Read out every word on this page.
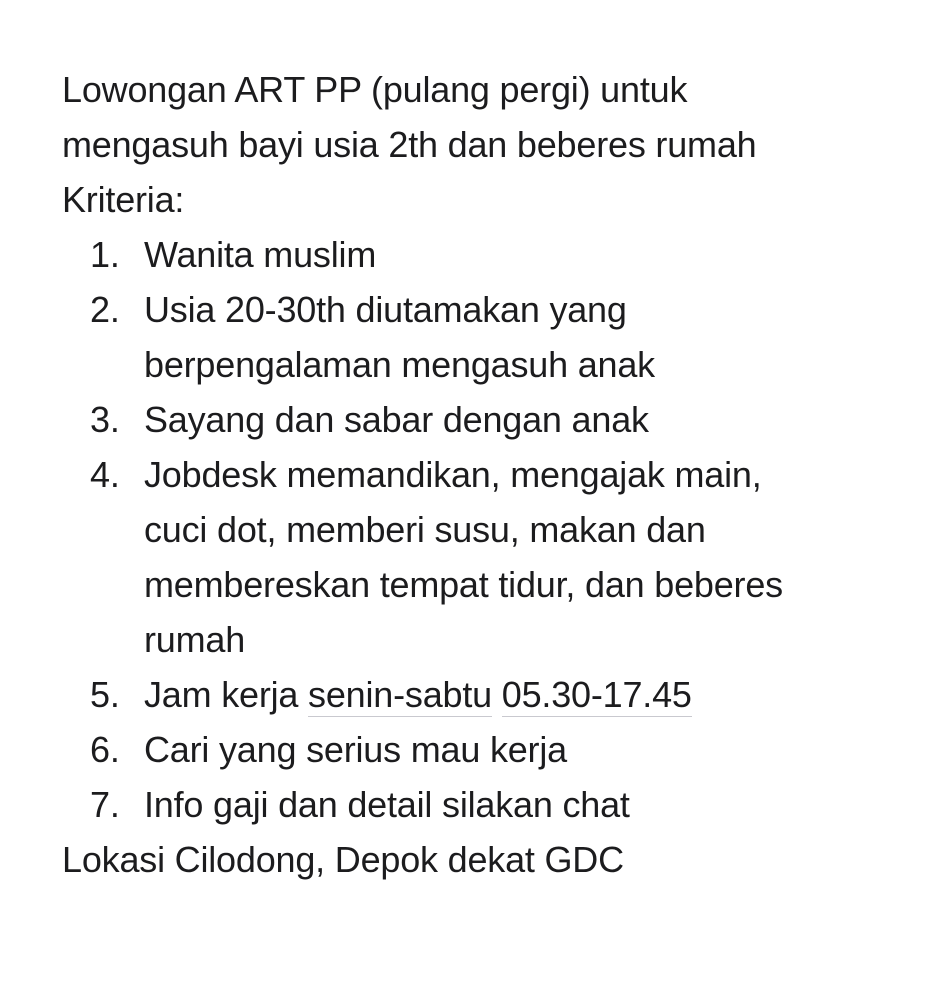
Lowongan ART PP (pulang pergi) untuk
mengasuh bayi usia 2th dan beberes rumah
Kriteria:
1. Wanita muslim
2. Usia 20-30th diutamakan yang
berpengalaman mengasuh anak
3. Sayang dan sabar dengan anak
4. Jobdesk memandikan, mengajak main,
cuci dot, memberi susu, makan dan
membereskan tempat tidur, dan beberes
rumah
5. Jam kerja senin-sabtu 05.30-17.45
6. Cari yang serius mau kerja
7. Info gaji dan detail silakan chat
Lokasi Cilodong, Depok dekat GDC
